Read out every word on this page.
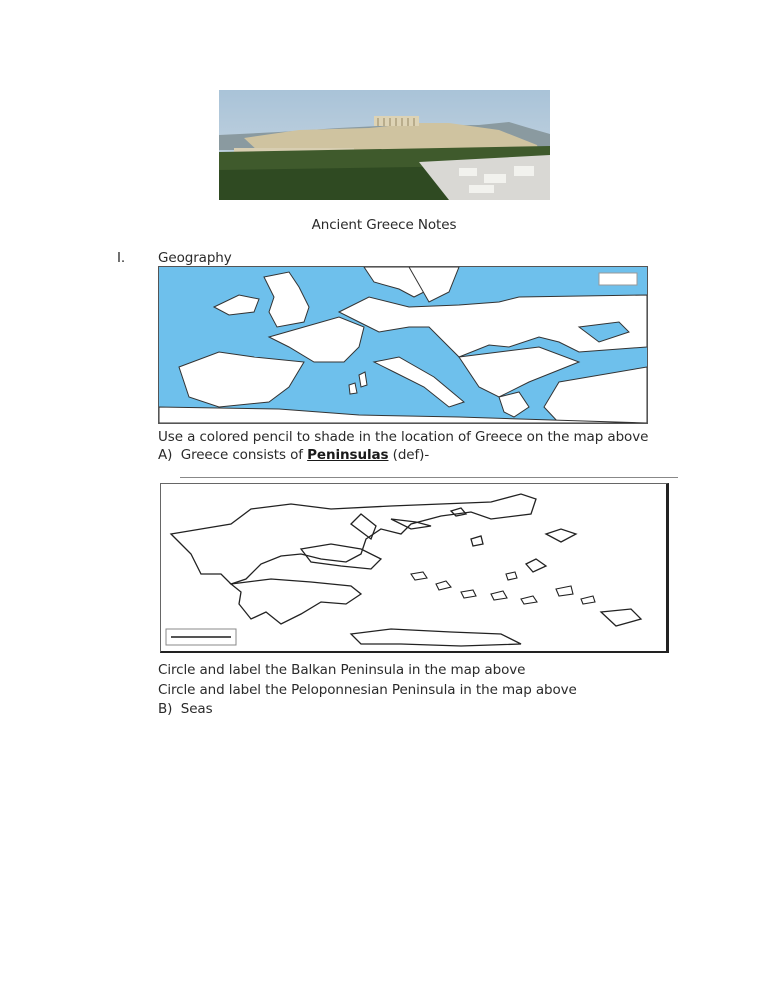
Ancient Greece Notes
I. Geography
Use a colored pencil to shade in the location of Greece on the map above
A) Greece consists of Peninsulas (def)-
Circle and label the Balkan Peninsula in the map above
Circle and label the Peloponnesian Peninsula in the map above
B) Seas
